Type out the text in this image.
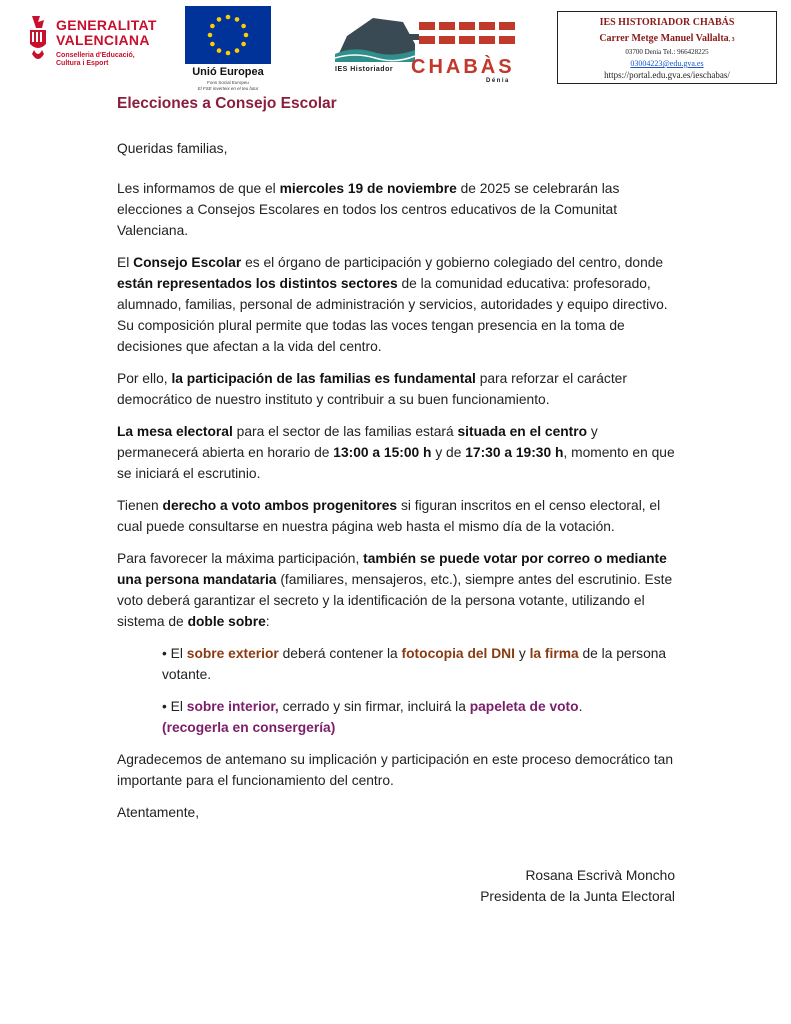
GENERALITAT
VALENCIANA
Conselleria d'Educació,
Cultura i Esport
Unió Europea
Fons Social Europeu
El FSE inverteix en el teu futur
IES Historiador CHABÀS
Dénia
IES HISTORIADOR CHABÁS
Carrer Metge Manuel Vallalta, 3
03700 Denia Tel.: 966428225
03004223@edu.gva.es
https://portal.edu.gva.es/ieschabas/
Elecciones a Consejo Escolar

Queridas familias,

Les informamos de que el miercoles 19 de noviembre de 2025 se celebrarán las elecciones a Consejos Escolares en todos los centros educativos de la Comunitat Valenciana.

El Consejo Escolar es el órgano de participación y gobierno colegiado del centro, donde están representados los distintos sectores de la comunidad educativa: profesorado, alumnado, familias, personal de administración y servicios, autoridades y equipo directivo. Su composición plural permite que todas las voces tengan presencia en la toma de decisiones que afectan a la vida del centro.

Por ello, la participación de las familias es fundamental para reforzar el carácter democrático de nuestro instituto y contribuir a su buen funcionamiento.

La mesa electoral para el sector de las familias estará situada en el centro y permanecerá abierta en horario de 13:00 a 15:00 h y de 17:30 a 19:30 h, momento en que se iniciará el escrutinio.

Tienen derecho a voto ambos progenitores si figuran inscritos en el censo electoral, el cual puede consultarse en nuestra página web hasta el mismo día de la votación.

Para favorecer la máxima participación, también se puede votar por correo o mediante una persona mandataria (familiares, mensajeros, etc.), siempre antes del escrutinio. Este voto deberá garantizar el secreto y la identificación de la persona votante, utilizando el sistema de doble sobre:

• El sobre exterior deberá contener la fotocopia del DNI y la firma de la persona votante.

• El sobre interior, cerrado y sin firmar, incluirá la papeleta de voto.
(recogerla en consergería)

Agradecemos de antemano su implicación y participación en este proceso democrático tan importante para el funcionamiento del centro.

Atentamente,

Rosana Escrivà Moncho
Presidenta de la Junta Electoral
